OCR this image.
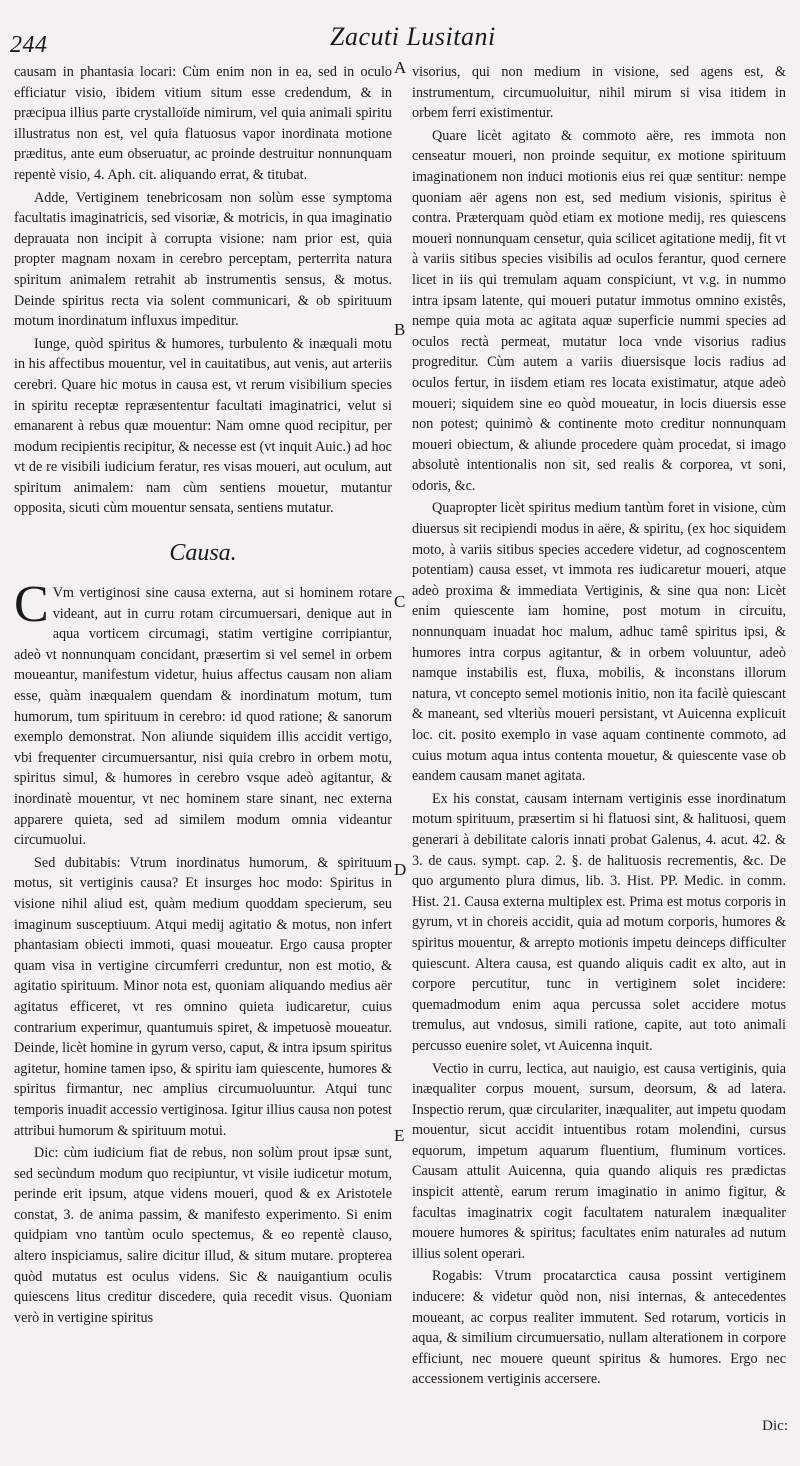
244	Zacuti Lusitani
A
B
C
D
E

causam in phantasia locari: Cùm enim non in ea, sed in oculo efficiatur visio, ibidem vitium situm esse credendum, & in præcipua illius parte crystalloïde nimirum, vel quia animali spiritu illustratus non est, vel quia flatuosus vapor inordinata motione præditus, ante eum obseruatur, ac proinde destruitur nonnunquam repentè visio, 4. Aph. cit. aliquando errat, & titubat.

Adde, Vertiginem tenebricosam non solùm esse symptoma facultatis imaginatricis, sed visoriæ, & motricis, in qua imaginatio deprauata non incipit à corrupta visione: nam prior est, quia propter magnam noxam in cerebro perceptam, perterrita natura spiritum animalem retrahit ab instrumentis sensus, & motus. Deinde spiritus recta via solent communicari, & ob spirituum motum inordinatum influxus impeditur.

Iunge, quòd spiritus & humores, turbulento & inæquali motu in his affectibus mouentur, vel in cauitatibus, aut venis, aut arteriis cerebri. Quare hic motus in causa est, vt rerum visibilium species in spiritu receptæ repræsententur facultati imaginatrici, velut si emanarent à rebus quæ mouentur: Nam omne quod recipitur, per modum recipientis recipitur, & necesse est (vt inquit Auic.) ad hoc vt de re visibili iudicium feratur, res visas moueri, aut oculum, aut spiritum animalem: nam cùm sentiens mouetur, mutantur opposita, sicuti cùm mouentur sensata, sentiens mutatur.

Causa.

C Vm vertiginosi sine causa externa, aut si hominem rotare videant, aut in curru rotam circumuersari, denique aut in aqua vorticem circumagi, statim vertigine corripiantur, adeò vt nonnunquam concidant, præsertim si vel semel in orbem moueantur, manifestum videtur, huius affectus causam non aliam esse, quàm inæqualem quendam & inordinatum motum, tum humorum, tum spirituum in cerebro: id quod ratione; & sanorum exemplo demonstrat. Non aliunde siquidem illis accidit vertigo, vbi frequenter circumuersantur, nisi quia crebro in orbem motu, spiritus simul, & humores in cerebro vsque adeò agitantur, & inordinatè mouentur, vt nec hominem stare sinant, nec externa apparere quieta, sed ad similem modum omnia videantur circumuolui.

Sed dubitabis: Vtrum inordinatus humorum, & spirituum motus, sit vertiginis causa? Et insurges hoc modo: Spiritus in visione nihil aliud est, quàm medium quoddam specierum, seu imaginum susceptiuum. Atqui medij agitatio & motus, non infert phantasiam obiecti immoti, quasi moueatur. Ergo causa propter quam visa in vertigine circumferri creduntur, non est motio, & agitatio spirituum. Minor nota est, quoniam aliquando medius aër agitatus efficeret, vt res omnino quieta iudicaretur, cuius contrarium experimur, quantumuis spiret, & impetuosè moueatur. Deinde, licèt homine in gyrum verso, caput, & intra ipsum spiritus agitetur, homine tamen ipso, & spiritu iam quiescente, humores & spiritus firmantur, nec amplius circumuoluuntur. Atqui tunc temporis inuadit accessio vertiginosa. Igitur illius causa non potest attribui humorum & spirituum motui.

Dic: cùm iudicium fiat de rebus, non solùm prout ipsæ sunt, sed secùndum modum quo recipiuntur, vt visile iudicetur motum, perinde erit ipsum, atque videns moueri, quod & ex Aristotele constat, 3. de anima passim, & manifesto experimento. Si enim quidpiam vno tantùm oculo spectemus, & eo repentè clauso, altero inspiciamus, salire dicitur illud, & situm mutare. propterea quòd mutatus est oculus videns. Sic & nauigantium oculis quiescens litus creditur discedere, quia recedit visus. Quoniam verò in vertigine spiritus

visorius, qui non medium in visione, sed agens est, & instrumentum, circumuoluitur, nihil mirum si visa itidem in orbem ferri existimentur.

Quare licèt agitato & commoto aëre, res immota non censeatur moueri, non proinde sequitur, ex motione spirituum imaginationem non induci motionis eius rei quæ sentitur: nempe quoniam aër agens non est, sed medium visionis, spiritus è contra. Præterquam quòd etiam ex motione medij, res quiescens moueri nonnunquam censetur, quia scilicet agitatione medij, fit vt à variis sitibus species visibilis ad oculos ferantur, quod cernere licet in iis qui tremulam aquam conspiciunt, vt v.g. in nummo intra ipsam latente, qui moueri putatur immotus omnino existês, nempe quia mota ac agitata aquæ superficie nummi species ad oculos rectà permeat, mutatur loca vnde visorius radius progreditur. Cùm autem a variis diuersisque locis radius ad oculos fertur, in iisdem etiam res locata existimatur, atque adeò moueri; siquidem sine eo quòd moueatur, in locis diuersis esse non potest; quinimò & continente moto creditur nonnunquam moueri obiectum, & aliunde procedere quàm procedat, si imago absolutè intentionalis non sit, sed realis & corporea, vt soni, odoris, &c.

Quapropter licèt spiritus medium tantùm foret in visione, cùm diuersus sit recipiendi modus in aëre, & spiritu, (ex hoc siquidem moto, à variis sitibus species accedere videtur, ad cognoscentem potentiam) causa esset, vt immota res iudicaretur moueri, atque adeò proxima & immediata Vertiginis, & sine qua non: Licèt enim quiescente iam homine, post motum in circuitu, nonnunquam inuadat hoc malum, adhuc tamê spiritus ipsi, & humores intra corpus agitantur, & in orbem voluuntur, adeò namque instabilis est, fluxa, mobilis, & inconstans illorum natura, vt concepto semel motionis initio, non ita facilè quiescant & maneant, sed vlteriùs moueri persistant, vt Auicenna explicuit loc. cit. posito exemplo in vase aquam continente commoto, ad cuius motum aqua intus contenta mouetur, & quiescente vase ob eandem causam manet agitata.

Ex his constat, causam internam vertiginis esse inordinatum motum spirituum, præsertim si hi flatuosi sint, & halituosi, quem generari à debilitate caloris innati probat Galenus, 4. acut. 42. & 3. de caus. sympt. cap. 2. §. de halituosis recrementis, &c. De quo argumento plura dimus, lib. 3. Hist. PP. Medic. in comm. Hist. 21. Causa externa multiplex est. Prima est motus corporis in gyrum, vt in choreis accidit, quia ad motum corporis, humores & spiritus mouentur, & arrepto motionis impetu deinceps difficulter quiescunt. Altera causa, est quando aliquis cadit ex alto, aut in corpore percutitur, tunc in vertiginem solet incidere: quemadmodum enim aqua percussa solet accidere motus tremulus, aut vndosus, simili ratione, capite, aut toto animali percusso euenire solet, vt Auicenna inquit.

Vectio in curru, lectica, aut nauigio, est causa vertiginis, quia inæqualiter corpus mouent, sursum, deorsum, & ad latera. Inspectio rerum, quæ circulariter, inæqualiter, aut impetu quodam mouentur, sicut accidit intuentibus rotam molendini, cursus equorum, impetum aquarum fluentium, fluminum vortices. Causam attulit Auicenna, quia quando aliquis res prædictas inspicit attentè, earum rerum imaginatio in animo figitur, & facultas imaginatrix cogit facultatem naturalem inæqualiter mouere humores & spiritus; facultates enim naturales ad nutum illius solent operari.

Rogabis: Vtrum procatarctica causa possint vertiginem inducere: & videtur quòd non, nisi internas, & antecedentes moueant, ac corpus realiter immutent. Sed rotarum, vorticis in aqua, & similium circumuersatio, nullam alterationem in corpore efficiunt, nec mouere queunt spiritus & humores. Ergo nec accessionem vertiginis accersere.

Dic:
